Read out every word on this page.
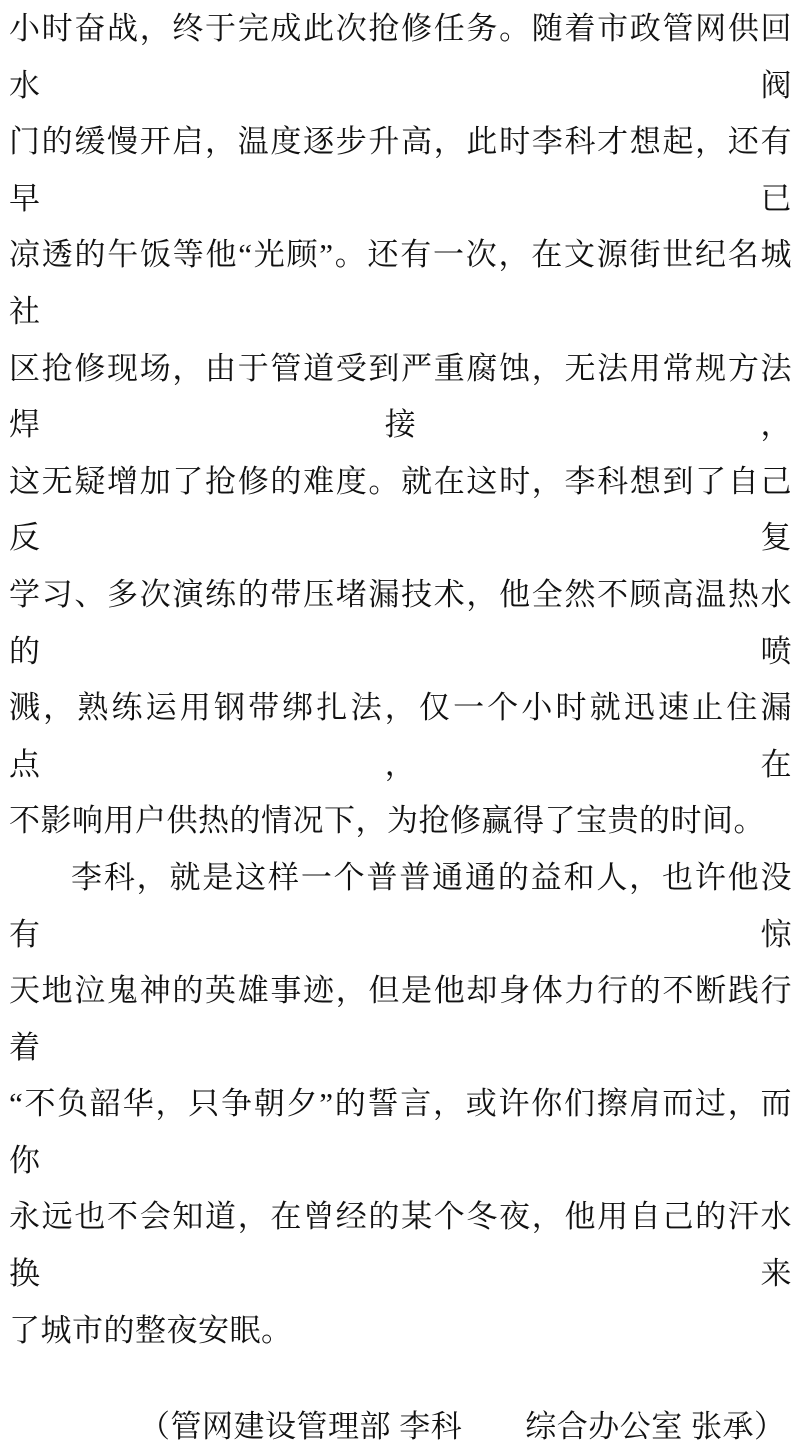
小时奋战，终于完成此次抢修任务。随着市政管网供回水阀
门的缓慢开启，温度逐步升高，此时李科才想起，还有早已
凉透的午饭等他“光顾”。还有一次，在文源街世纪名城社
区抢修现场，由于管道受到严重腐蚀，无法用常规方法焊接，
这无疑增加了抢修的难度。就在这时，李科想到了自己反复
学习、多次演练的带压堵漏技术，他全然不顾高温热水的喷
溅，熟练运用钢带绑扎法，仅一个小时就迅速止住漏点，在
不影响用户供热的情况下，为抢修赢得了宝贵的时间。
李科，就是这样一个普普通通的益和人，也许他没有惊
天地泣鬼神的英雄事迹，但是他却身体力行的不断践行着
“不负韶华，只争朝夕”的誓言，或许你们擦肩而过，而你
永远也不会知道，在曾经的某个冬夜，他用自己的汗水换来
了城市的整夜安眠。
（管网建设管理部 李科　　综合办公室 张承）
